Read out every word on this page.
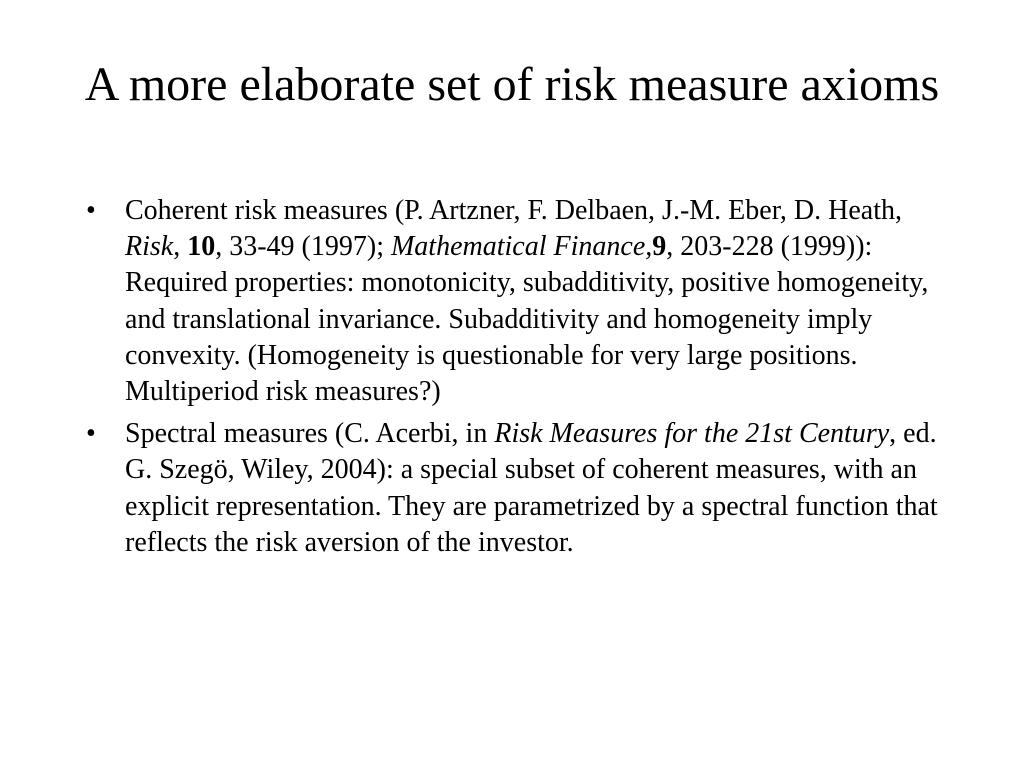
A more elaborate set of risk measure axioms
•	Coherent risk measures (P. Artzner, F. Delbaen, J.-M. Eber, D. Heath, Risk, 10, 33-49 (1997); Mathematical Finance,9, 203-228 (1999)): Required properties: monotonicity, subadditivity, positive homogeneity, and translational invariance. Subadditivity and homogeneity imply convexity. (Homogeneity is questionable for very large positions. Multiperiod risk measures?)
•	Spectral measures (C. Acerbi, in Risk Measures for the 21st Century, ed. G. Szegö, Wiley, 2004): a special subset of coherent measures, with an explicit representation. They are parametrized by a spectral function that reflects the risk aversion of the investor.
